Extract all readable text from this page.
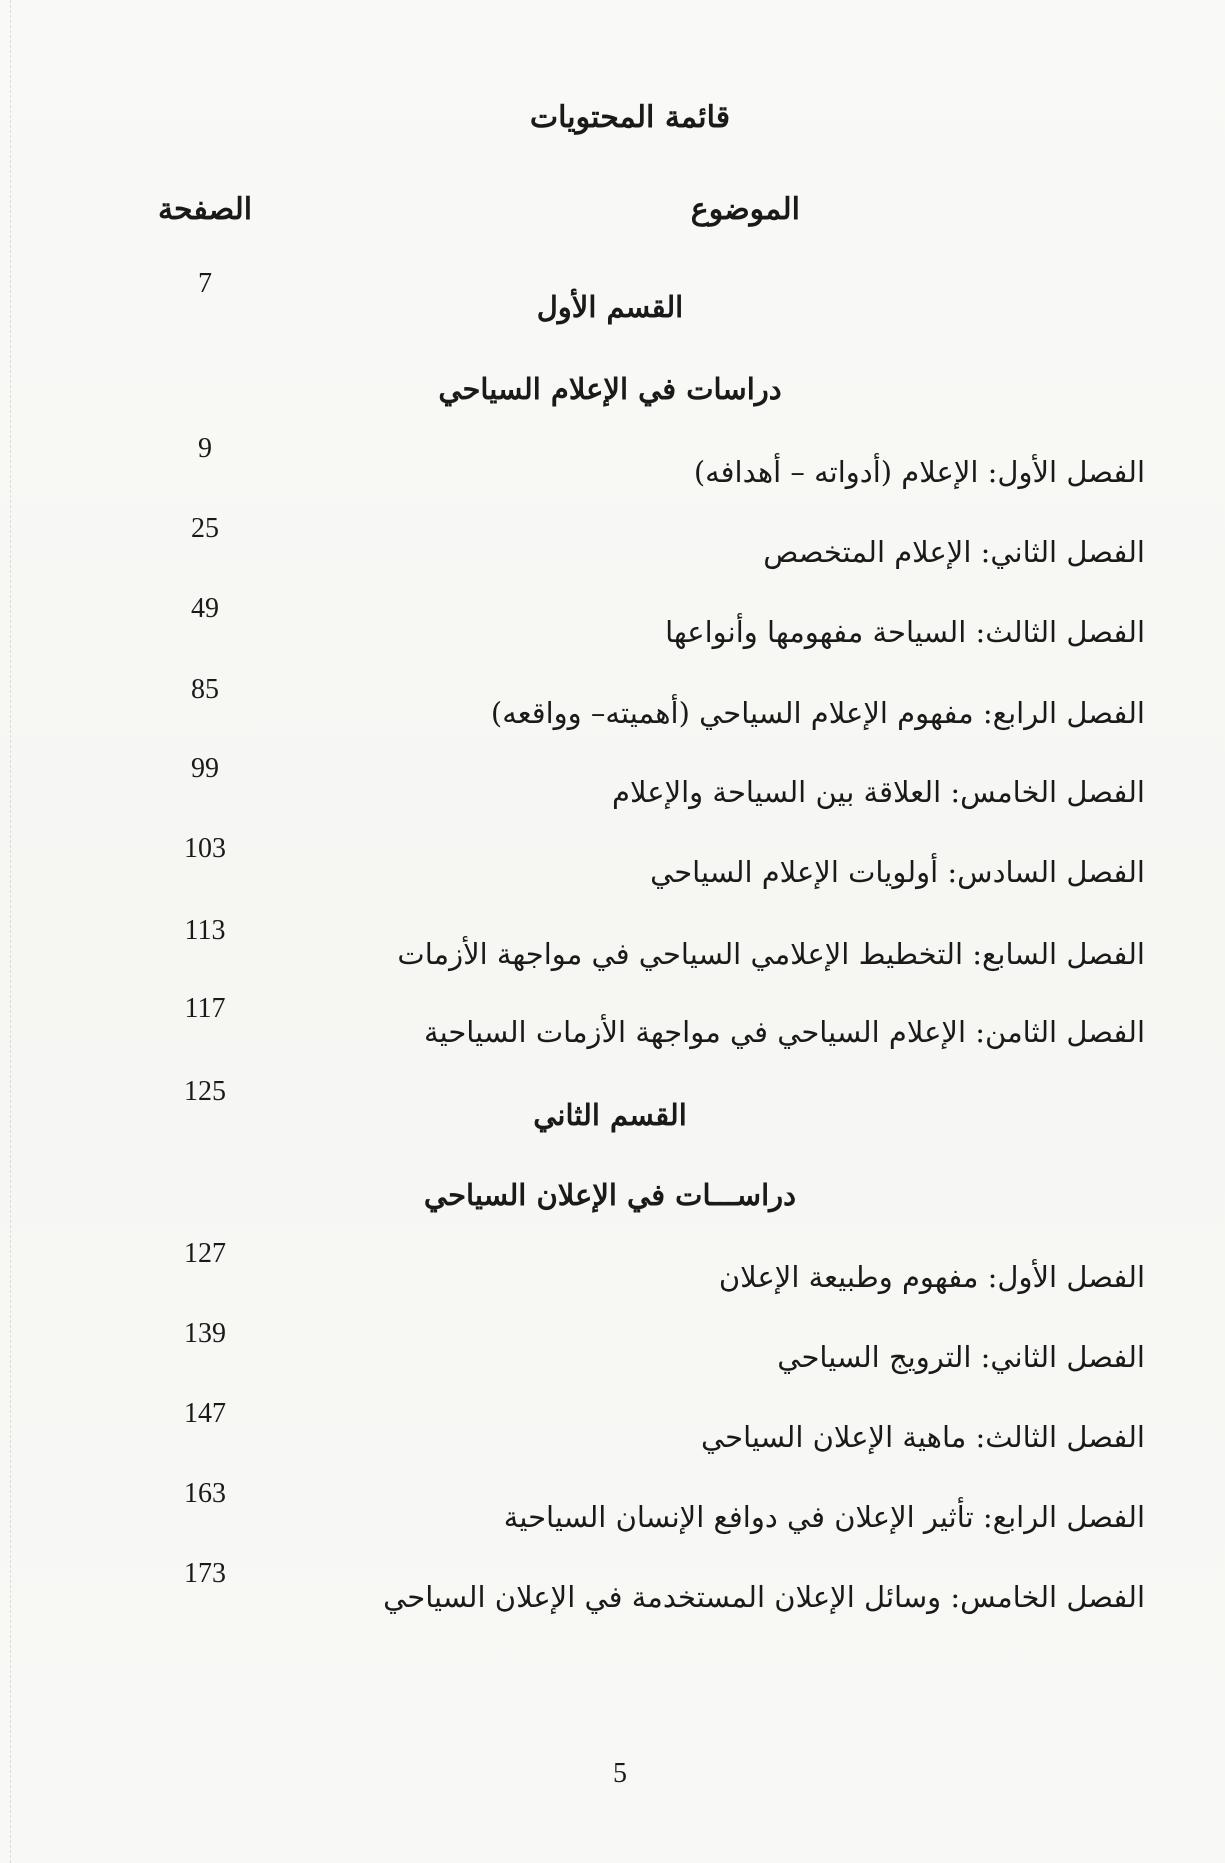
قائمة المحتويات
الموضوع
الصفحة
القسم الأول
7
دراسات في الإعلام السياحي
الفصل الأول: الإعلام (أدواته – أهدافه)
9
الفصل الثاني: الإعلام المتخصص
25
الفصل الثالث: السياحة مفهومها وأنواعها
49
الفصل الرابع: مفهوم الإعلام السياحي (أهميته– وواقعه)
85
الفصل الخامس: العلاقة بين السياحة والإعلام
99
الفصل السادس: أولويات الإعلام السياحي
103
الفصل السابع: التخطيط الإعلامي السياحي في مواجهة الأزمات
113
الفصل الثامن: الإعلام السياحي في مواجهة الأزمات السياحية
117
القسم الثاني
125
دراســـات في الإعلان السياحي
الفصل الأول: مفهوم وطبيعة الإعلان
127
الفصل الثاني: الترويج السياحي
139
الفصل الثالث: ماهية الإعلان السياحي
147
الفصل الرابع: تأثير الإعلان في دوافع الإنسان السياحية
163
الفصل الخامس: وسائل الإعلان المستخدمة في الإعلان السياحي
173
5
